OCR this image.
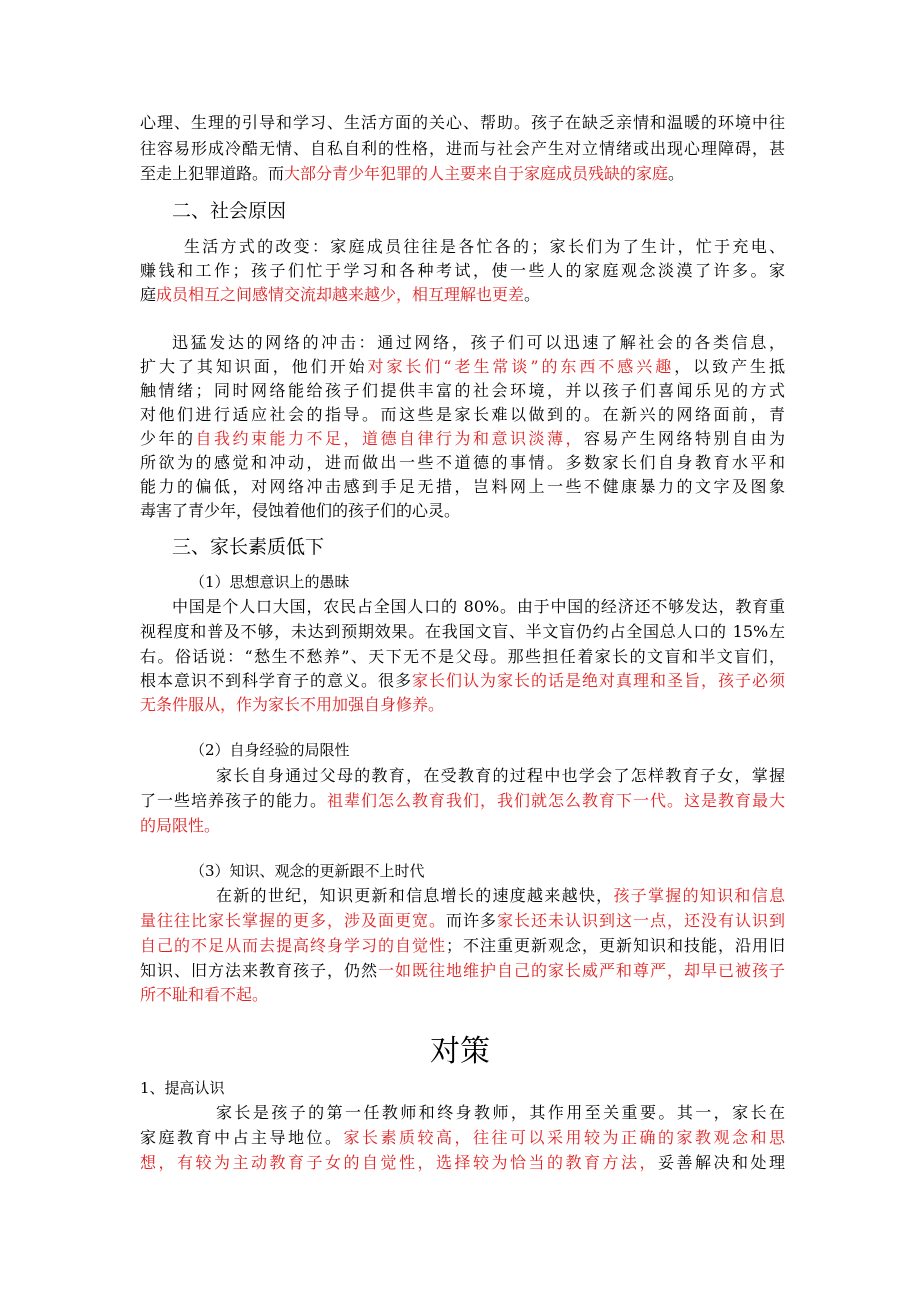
心理、生理的引导和学习、生活方面的关心、帮助。孩子在缺乏亲情和温暖的环境中往
往容易形成冷酷无情、自私自利的性格，进而与社会产生对立情绪或出现心理障碍，甚
至走上犯罪道路。而大部分青少年犯罪的人主要来自于家庭成员残缺的家庭。
二、社会原因
生活方式的改变：家庭成员往往是各忙各的；家长们为了生计，忙于充电、
赚钱和工作；孩子们忙于学习和各种考试，使一些人的家庭观念淡漠了许多。家
庭成员相互之间感情交流却越来越少，相互理解也更差。
迅猛发达的网络的冲击：通过网络，孩子们可以迅速了解社会的各类信息，
扩大了其知识面，他们开始对家长们“老生常谈”的东西不感兴趣，以致产生抵
触情绪；同时网络能给孩子们提供丰富的社会环境，并以孩子们喜闻乐见的方式
对他们进行适应社会的指导。而这些是家长难以做到的。在新兴的网络面前，青
少年的自我约束能力不足，道德自律行为和意识淡薄，容易产生网络特别自由为
所欲为的感觉和冲动，进而做出一些不道德的事情。多数家长们自身教育水平和
能力的偏低，对网络冲击感到手足无措，岂料网上一些不健康暴力的文字及图象
毒害了青少年，侵蚀着他们的孩子们的心灵。
三、家长素质低下
（1）思想意识上的愚昧
中国是个人口大国，农民占全国人口的 80%。由于中国的经济还不够发达，教育重
视程度和普及不够，未达到预期效果。在我国文盲、半文盲仍约占全国总人口的 15%左
右。俗话说：“愁生不愁养”、天下无不是父母。那些担任着家长的文盲和半文盲们，
根本意识不到科学育子的意义。很多家长们认为家长的话是绝对真理和圣旨，孩子必须
无条件服从，作为家长不用加强自身修养。
（2）自身经验的局限性
家长自身通过父母的教育，在受教育的过程中也学会了怎样教育子女，掌握
了一些培养孩子的能力。祖辈们怎么教育我们，我们就怎么教育下一代。这是教育最大
的局限性。
（3）知识、观念的更新跟不上时代
在新的世纪，知识更新和信息增长的速度越来越快，孩子掌握的知识和信息
量往往比家长掌握的更多，涉及面更宽。而许多家长还未认识到这一点，还没有认识到
自己的不足从而去提高终身学习的自觉性；不注重更新观念，更新知识和技能，沿用旧
知识、旧方法来教育孩子，仍然一如既往地维护自己的家长威严和尊严，却早已被孩子
所不耻和看不起。
对策
1、提高认识
家长是孩子的第一任教师和终身教师，其作用至关重要。其一，家长在
家庭教育中占主导地位。家长素质较高，往往可以采用较为正确的家教观念和思
想，有较为主动教育子女的自觉性，选择较为恰当的教育方法，妥善解决和处理
